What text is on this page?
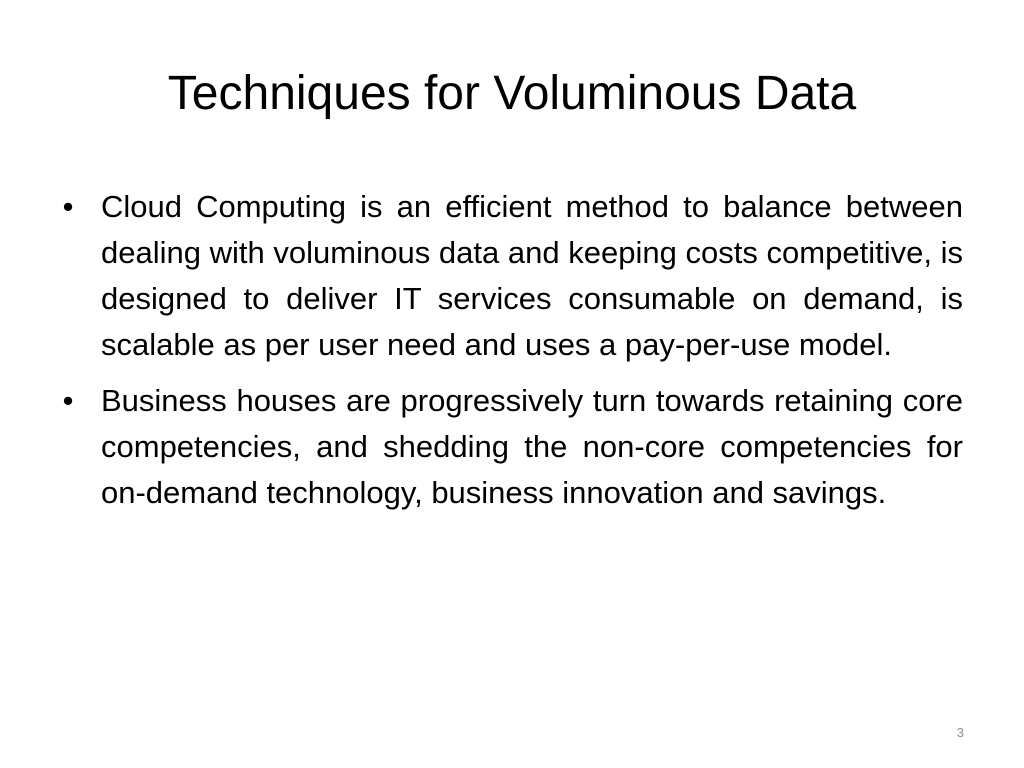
Techniques for Voluminous Data
• Cloud Computing is an efficient method to balance between dealing with voluminous data and keeping costs competitive, is designed to deliver IT services consumable on demand, is scalable as per user need and uses a pay-per-use model.
• Business houses are progressively turn towards retaining core competencies, and shedding the non-core competencies for on-demand technology, business innovation and savings.
3
